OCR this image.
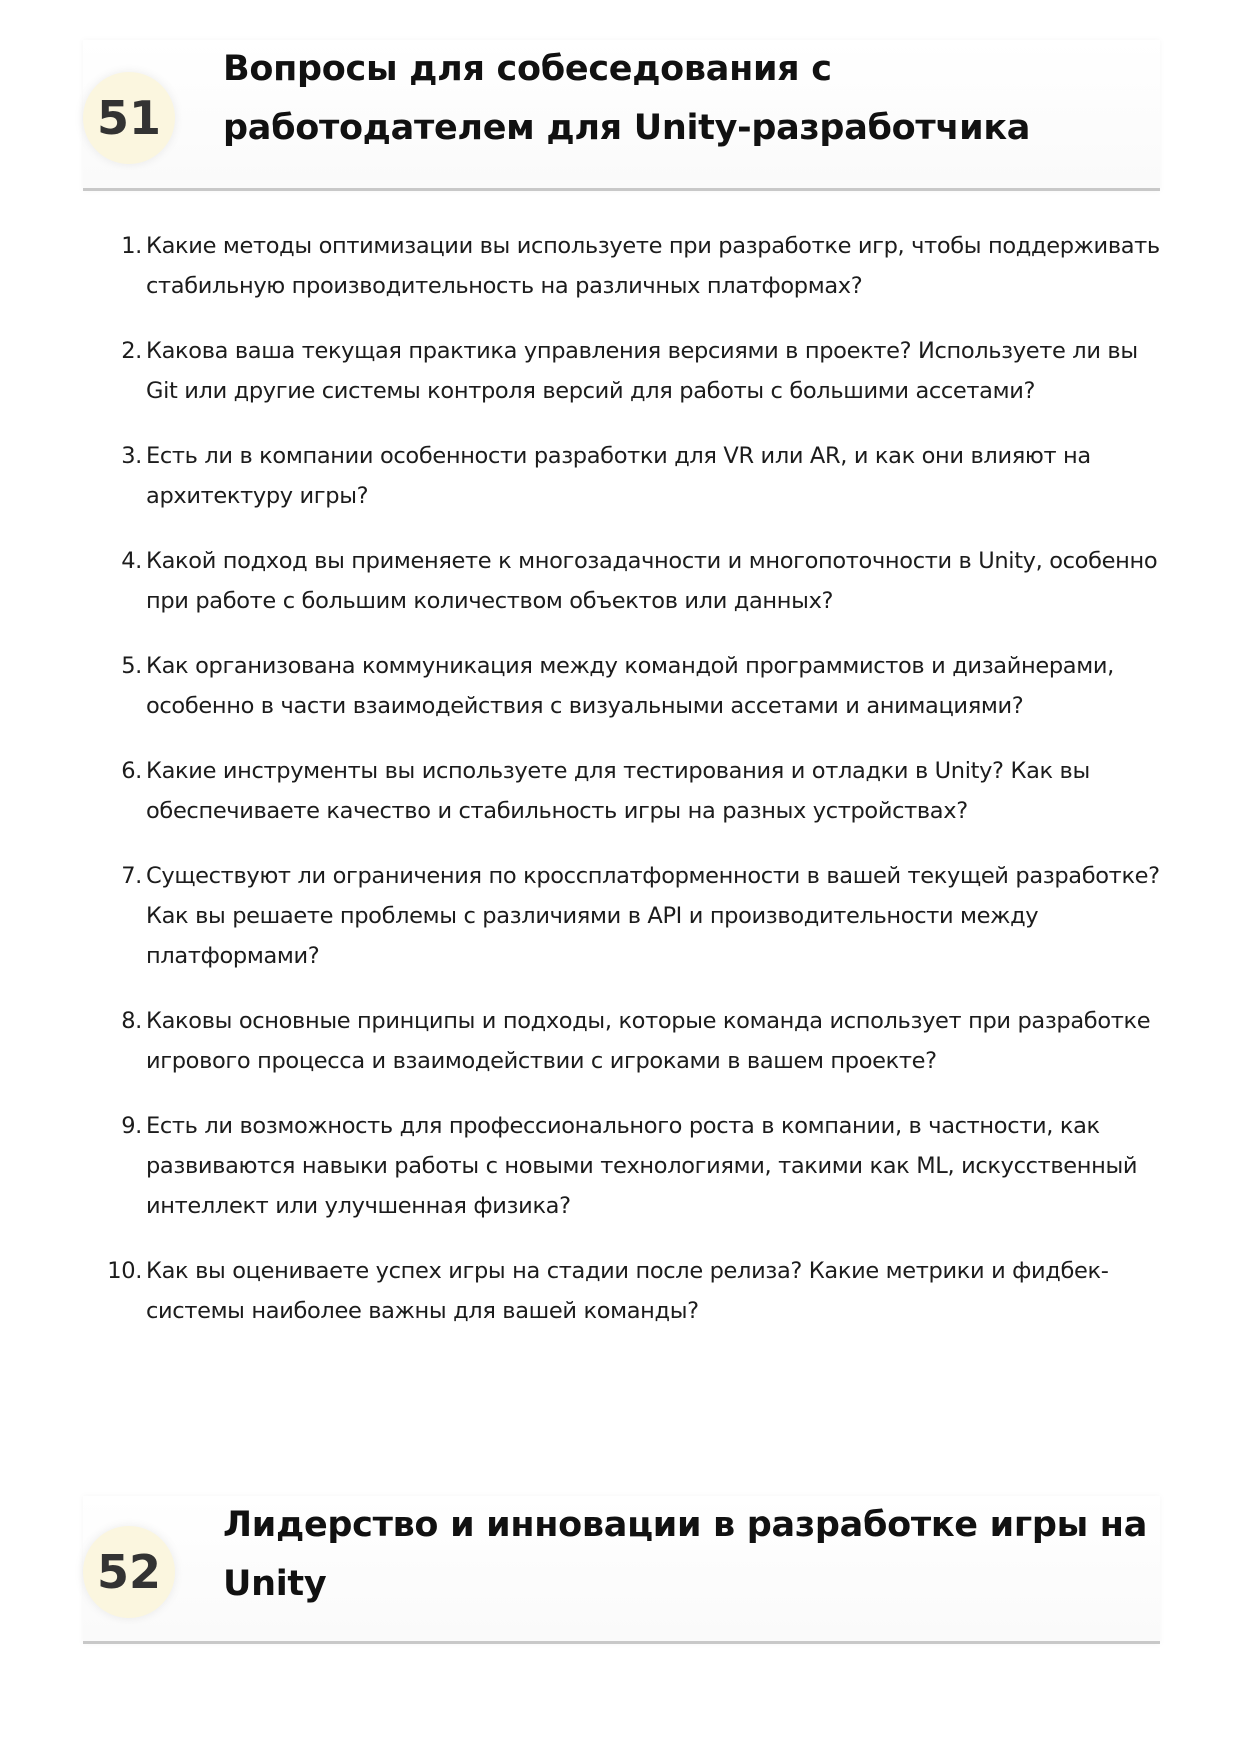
51
Вопросы для собеседования с работодателем для Unity-разработчика
1. Какие методы оптимизации вы используете при разработке игр, чтобы поддерживать стабильную производительность на различных платформах?
2. Какова ваша текущая практика управления версиями в проекте? Используете ли вы Git или другие системы контроля версий для работы с большими ассетами?
3. Есть ли в компании особенности разработки для VR или AR, и как они влияют на архитектуру игры?
4. Какой подход вы применяете к многозадачности и многопоточности в Unity, особенно при работе с большим количеством объектов или данных?
5. Как организована коммуникация между командой программистов и дизайнерами, особенно в части взаимодействия с визуальными ассетами и анимациями?
6. Какие инструменты вы используете для тестирования и отладки в Unity? Как вы обеспечиваете качество и стабильность игры на разных устройствах?
7. Существуют ли ограничения по кроссплатформенности в вашей текущей разработке? Как вы решаете проблемы с различиями в API и производительности между платформами?
8. Каковы основные принципы и подходы, которые команда использует при разработке игрового процесса и взаимодействии с игроками в вашем проекте?
9. Есть ли возможность для профессионального роста в компании, в частности, как развиваются навыки работы с новыми технологиями, такими как ML, искусственный интеллект или улучшенная физика?
10. Как вы оцениваете успех игры на стадии после релиза? Какие метрики и фидбек-системы наиболее важны для вашей команды?
52
Лидерство и инновации в разработке игры на Unity
